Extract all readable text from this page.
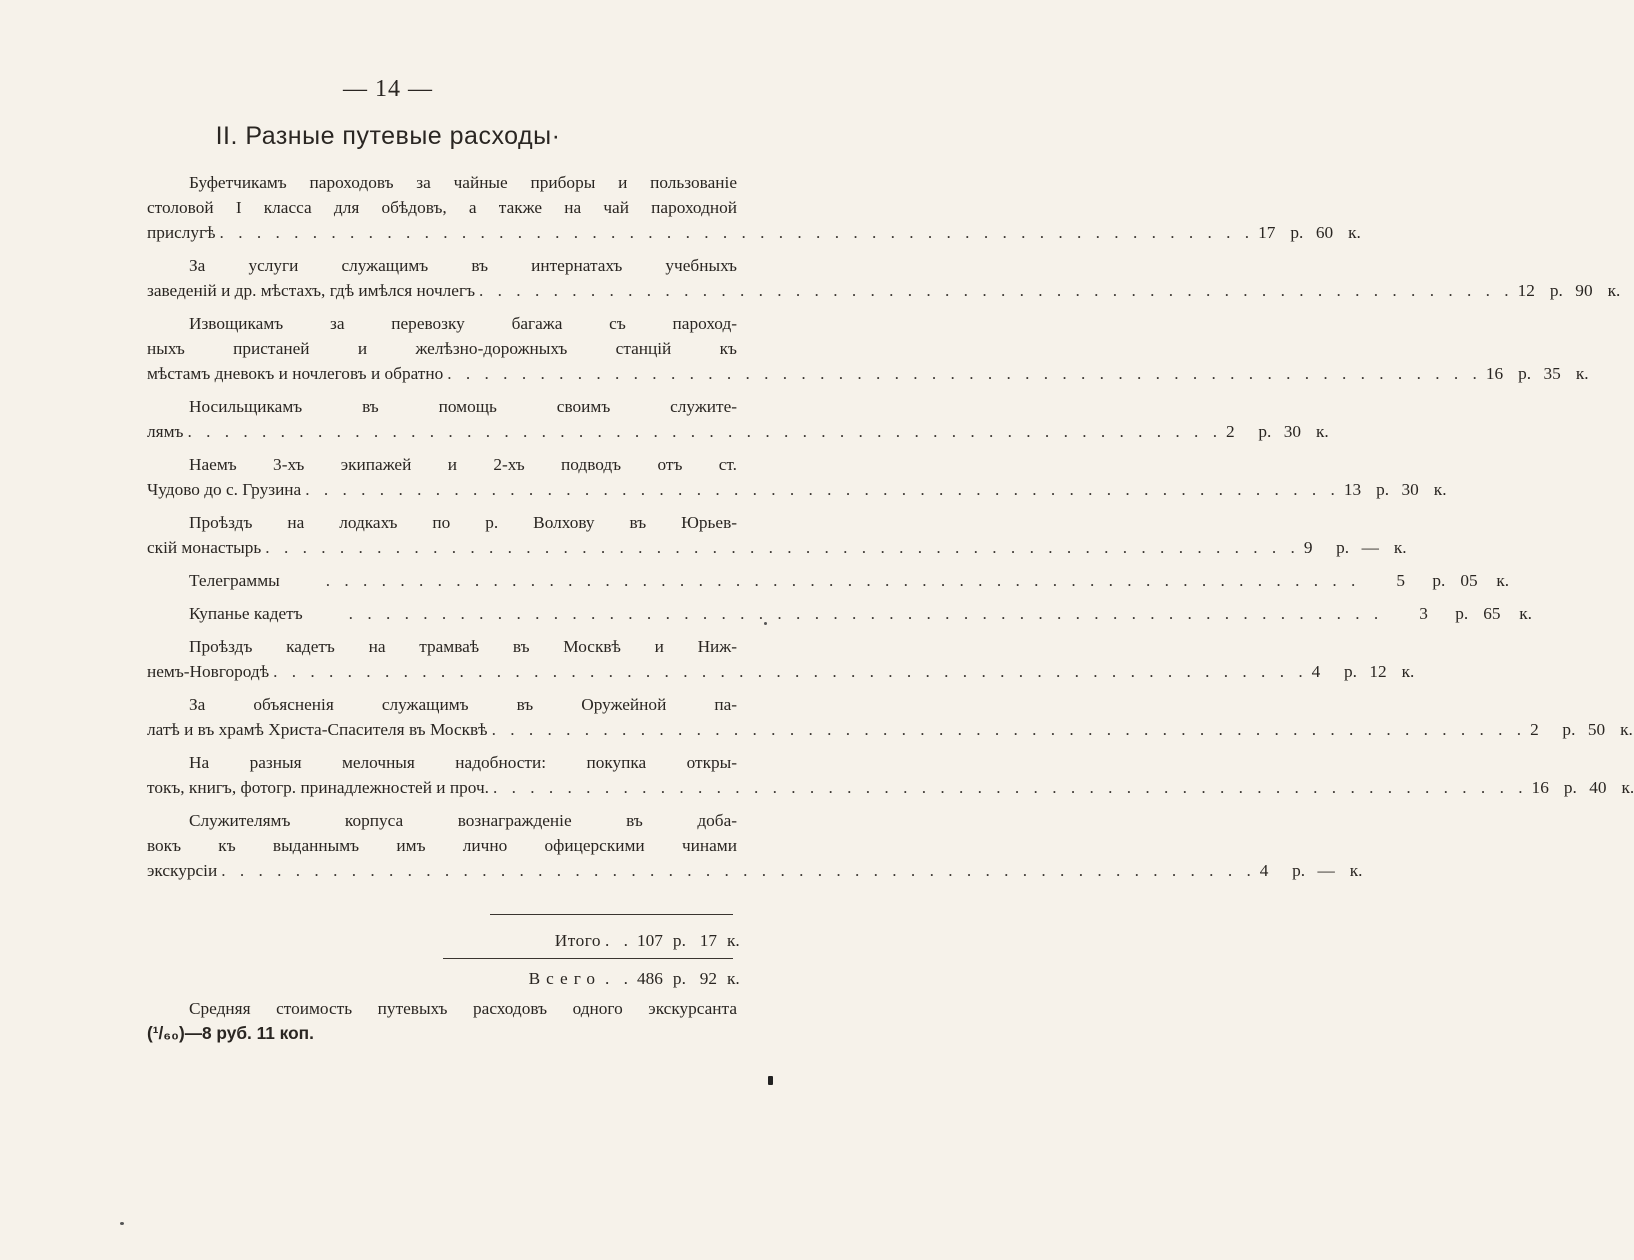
— 14 —
II. Разные путевые расходы·
Буфетчикамъ пароходовъ за чайные приборы и пользованіе
столовой I класса для обѣдовъ, а также на чай пароходной
прислугѣ . . .	17 р. 60 к.
За услуги служащимъ въ интернатахъ учебныхъ
заведеній и др. мѣстахъ, гдѣ имѣлся ночлегъ . . .	12 р. 90 к.
Извощикамъ за перевозку багажа съ пароход-
ныхъ пристаней и желѣзно-дорожныхъ станцій къ
мѣстамъ дневокъ и ночлеговъ и обратно . . .	16 р. 35 к.
Носильщикамъ въ помощь своимъ служите-
лямъ . . .	2	р. 30 к.
Наемъ 3-хъ экипажей и 2-хъ подводъ отъ ст.
Чудово до с. Грузина . . .	13 р. 30 к.
Проѣздъ на лодкахъ по р. Волхову въ Юрьев-
скій монастырь . . .	9	р. — к.
Телеграммы . . .	5	р. 05	к.
Купанье кадетъ . . .	3	р. 65	к.
Проѣздъ кадетъ на трамваѣ въ Москвѣ и Ниж-
немъ-Новгородѣ . . .	4	р. 12 к.
За объясненія служащимъ въ Оружейной па-
латѣ и въ храмѣ Христа-Спасителя въ Москвѣ . . .	2	р. 50 к.
На разныя мелочныя надобности: покупка откры-
токъ, книгъ, фотогр. принадлежностей и проч. . . .	16 р. 40 к.
Служителямъ корпуса вознагражденіе въ доба-
вокъ къ выданнымъ имъ лично офицерскими чинами
экскурсіи . . .	4	р. — к.
Итого . . 107 р. 17 к.
Всего . . 486 р. 92 к.
Средняя стоимость путевыхъ расходовъ одного экскурсанта
(¹/₆₀)—8 руб. 11 коп.
